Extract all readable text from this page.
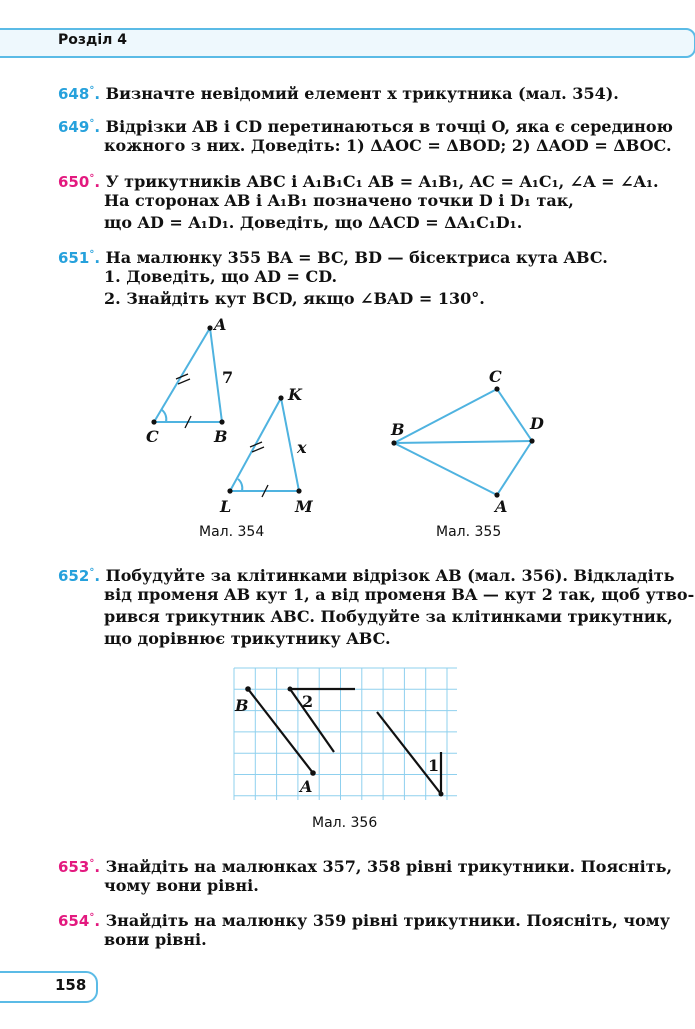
Розділ 4
648°. Визначте невідомий елемент x трикутника (мал. 354).
649°. Відрізки AB і CD перетинаються в точці O, яка є серединою
кожного з них. Доведіть: 1) ΔAOC = ΔBOD; 2) ΔAOD = ΔBOC.
650°. У трикутників ABC і A₁B₁C₁ AB = A₁B₁, AC = A₁C₁, ∠A = ∠A₁.
На сторонах AB і A₁B₁ позначено точки D і D₁ так,
що AD = A₁D₁. Доведіть, що ΔACD = ΔA₁C₁D₁.
651°. На малюнку 355 BA = BC, BD — бісектриса кута ABC.
1. Доведіть, що AD = CD.
2. Знайдіть кут BCD, якщо ∠BAD = 130°.
A
7
C	B
K
x
L	M
C
B	D
A
Мал. 354	Мал. 355
652°. Побудуйте за клітинками відрізок AB (мал. 356). Відкладіть
від променя AB кут 1, а від променя BA — кут 2 так, щоб утво-
рився трикутник ABC. Побудуйте за клітинками трикутник,
що дорівнює трикутнику ABC.
B
A
2
1
Мал. 356
653°. Знайдіть на малюнках 357, 358 рівні трикутники. Поясніть,
чому вони рівні.
654°. Знайдіть на малюнку 359 рівні трикутники. Поясніть, чому
вони рівні.
158
